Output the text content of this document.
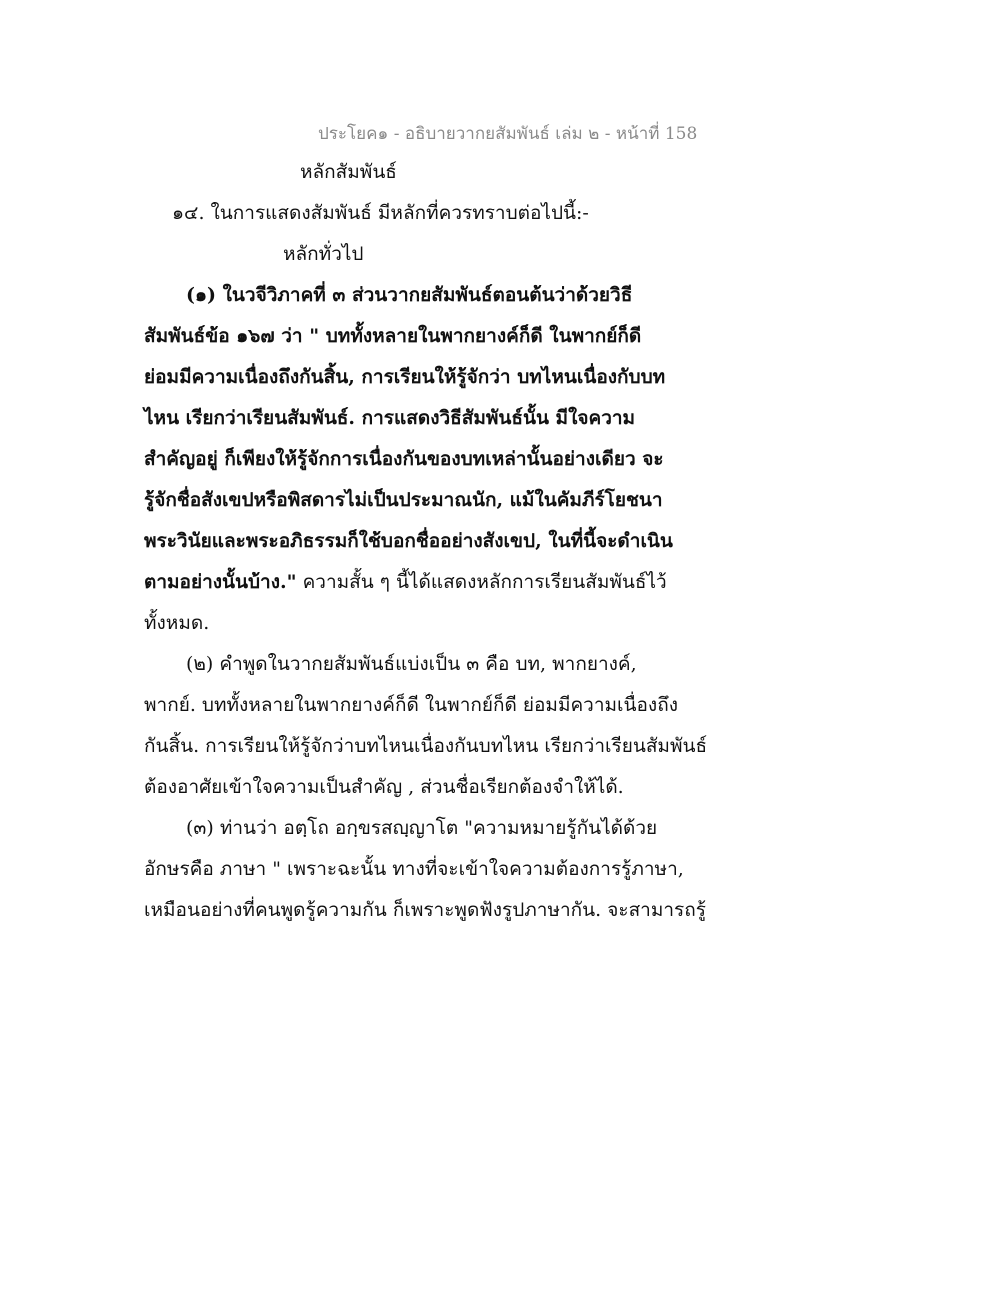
ประโยค๑ - อธิบายวากยสัมพันธ์ เล่ม ๒ - หน้าที่ 158
หลักสัมพันธ์
๑๔. ในการแสดงสัมพันธ์ มีหลักที่ควรทราบต่อไปนี้:-
หลักทั่วไป
(๑) ในวจีวิภาคที่ ๓ ส่วนวากยสัมพันธ์ตอนต้นว่าด้วยวิธี
สัมพันธ์ข้อ ๑๖๗ ว่า " บททั้งหลายในพากยางค์ก็ดี ในพากย์ก็ดี
ย่อมมีความเนื่องถึงกันสิ้น, การเรียนให้รู้จักว่า บทไหนเนื่องกับบท
ไหน เรียกว่าเรียนสัมพันธ์. การแสดงวิธีสัมพันธ์นั้น มีใจความ
สำคัญอยู่ ก็เพียงให้รู้จักการเนื่องกันของบทเหล่านั้นอย่างเดียว จะ
รู้จักชื่อสังเขปหรือพิสดารไม่เป็นประมาณนัก, แม้ในคัมภีร์โยชนา
พระวินัยและพระอภิธรรมก็ใช้บอกชื่ออย่างสังเขป, ในที่นี้จะดำเนิน
ตามอย่างนั้นบ้าง." ความสั้น ๆ นี้ได้แสดงหลักการเรียนสัมพันธ์ไว้
ทั้งหมด.
(๒) คำพูดในวากยสัมพันธ์แบ่งเป็น ๓ คือ บท, พากยางค์,
พากย์. บททั้งหลายในพากยางค์ก็ดี ในพากย์ก็ดี ย่อมมีความเนื่องถึง
กันสิ้น. การเรียนให้รู้จักว่าบทไหนเนื่องกันบทไหน เรียกว่าเรียนสัมพันธ์
ต้องอาศัยเข้าใจความเป็นสำคัญ , ส่วนชื่อเรียกต้องจำให้ได้.
(๓) ท่านว่า อตฺโถ อกฺขรสญฺญาโต "ความหมายรู้กันได้ด้วย
อักษรคือ ภาษา " เพราะฉะนั้น ทางที่จะเข้าใจความต้องการรู้ภาษา,
เหมือนอย่างที่คนพูดรู้ความกัน ก็เพราะพูดฟังรูปภาษากัน. จะสามารถรู้
